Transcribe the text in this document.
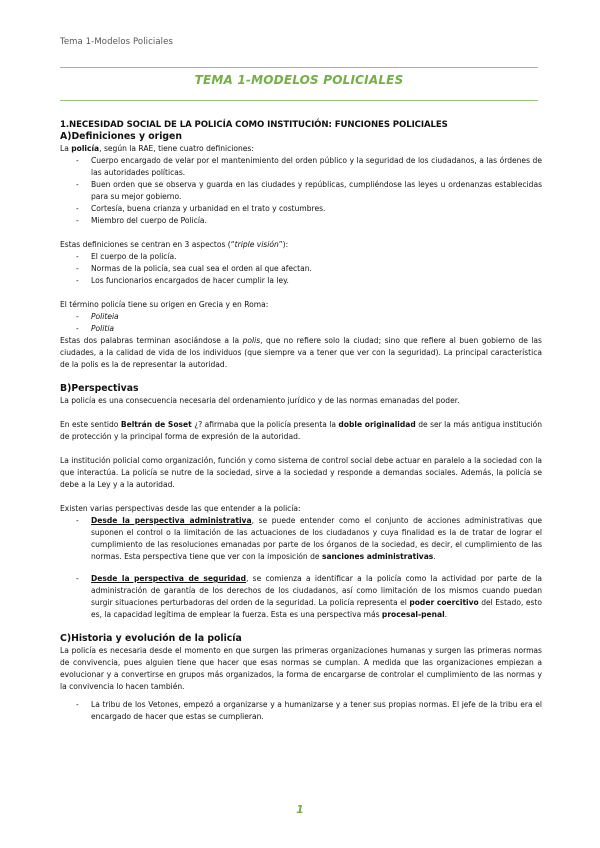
Tema 1-Modelos Policiales
TEMA 1-MODELOS POLICIALES

1.NECESIDAD SOCIAL DE LA POLICÍA COMO INSTITUCIÓN: FUNCIONES POLICIALES

A)Definiciones y origen

La policía, según la RAE, tiene cuatro definiciones:

- Cuerpo encargado de velar por el mantenimiento del orden público y la seguridad de los ciudadanos, a las órdenes de las autoridades políticas.
- Buen orden que se observa y guarda en las ciudades y repúblicas, cumpliéndose las leyes u ordenanzas establecidas para su mejor gobierno.
- Cortesía, buena crianza y urbanidad en el trato y costumbres.
- Miembro del cuerpo de Policía.

Estas definiciones se centran en 3 aspectos (“triple visión”):

- El cuerpo de la policía.
- Normas de la policía, sea cual sea el orden al que afectan.
- Los funcionarios encargados de hacer cumplir la ley.

El término policía tiene su origen en Grecia y en Roma:

- Politeia
- Politia

Estas dos palabras terminan asociándose a la polis, que no refiere solo la ciudad; sino que refiere al buen gobierno de las ciudades, a la calidad de vida de los individuos (que siempre va a tener que ver con la seguridad). La principal característica de la polis es la de representar la autoridad.

B)Perspectivas

La policía es una consecuencia necesaria del ordenamiento jurídico y de las normas emanadas del poder.

En este sentido Beltrán de Soset ¿? afirmaba que la policía presenta la doble originalidad de ser la más antigua institución de protección y la principal forma de expresión de la autoridad.

La institución policial como organización, función y como sistema de control social debe actuar en paralelo a la sociedad con la que interactúa. La policía se nutre de la sociedad, sirve a la sociedad y responde a demandas sociales. Además, la policía se debe a la Ley y a la autoridad.

Existen varias perspectivas desde las que entender a la policía:

- Desde la perspectiva administrativa, se puede entender como el conjunto de acciones administrativas que suponen el control o la limitación de las actuaciones de los ciudadanos y cuya finalidad es la de tratar de lograr el cumplimiento de las resoluciones emanadas por parte de los órganos de la sociedad, es decir, el cumplimiento de las normas. Esta perspectiva tiene que ver con la imposición de sanciones administrativas.
- Desde la perspectiva de seguridad, se comienza a identificar a la policía como la actividad por parte de la administración de garantía de los derechos de los ciudadanos, así como limitación de los mismos cuando puedan surgir situaciones perturbadoras del orden de la seguridad. La policía representa el poder coercitivo del Estado, esto es, la capacidad legítima de emplear la fuerza. Esta es una perspectiva más procesal-penal.

C)Historia y evolución de la policía

La policía es necesaria desde el momento en que surgen las primeras organizaciones humanas y surgen las primeras normas de convivencia, pues alguien tiene que hacer que esas normas se cumplan. A medida que las organizaciones empiezan a evolucionar y a convertirse en grupos más organizados, la forma de encargarse de controlar el cumplimiento de las normas y la convivencia lo hacen también.

- La tribu de los Vetones, empezó a organizarse y a humanizarse y a tener sus propias normas. El jefe de la tribu era el encargado de hacer que estas se cumplieran.
1
